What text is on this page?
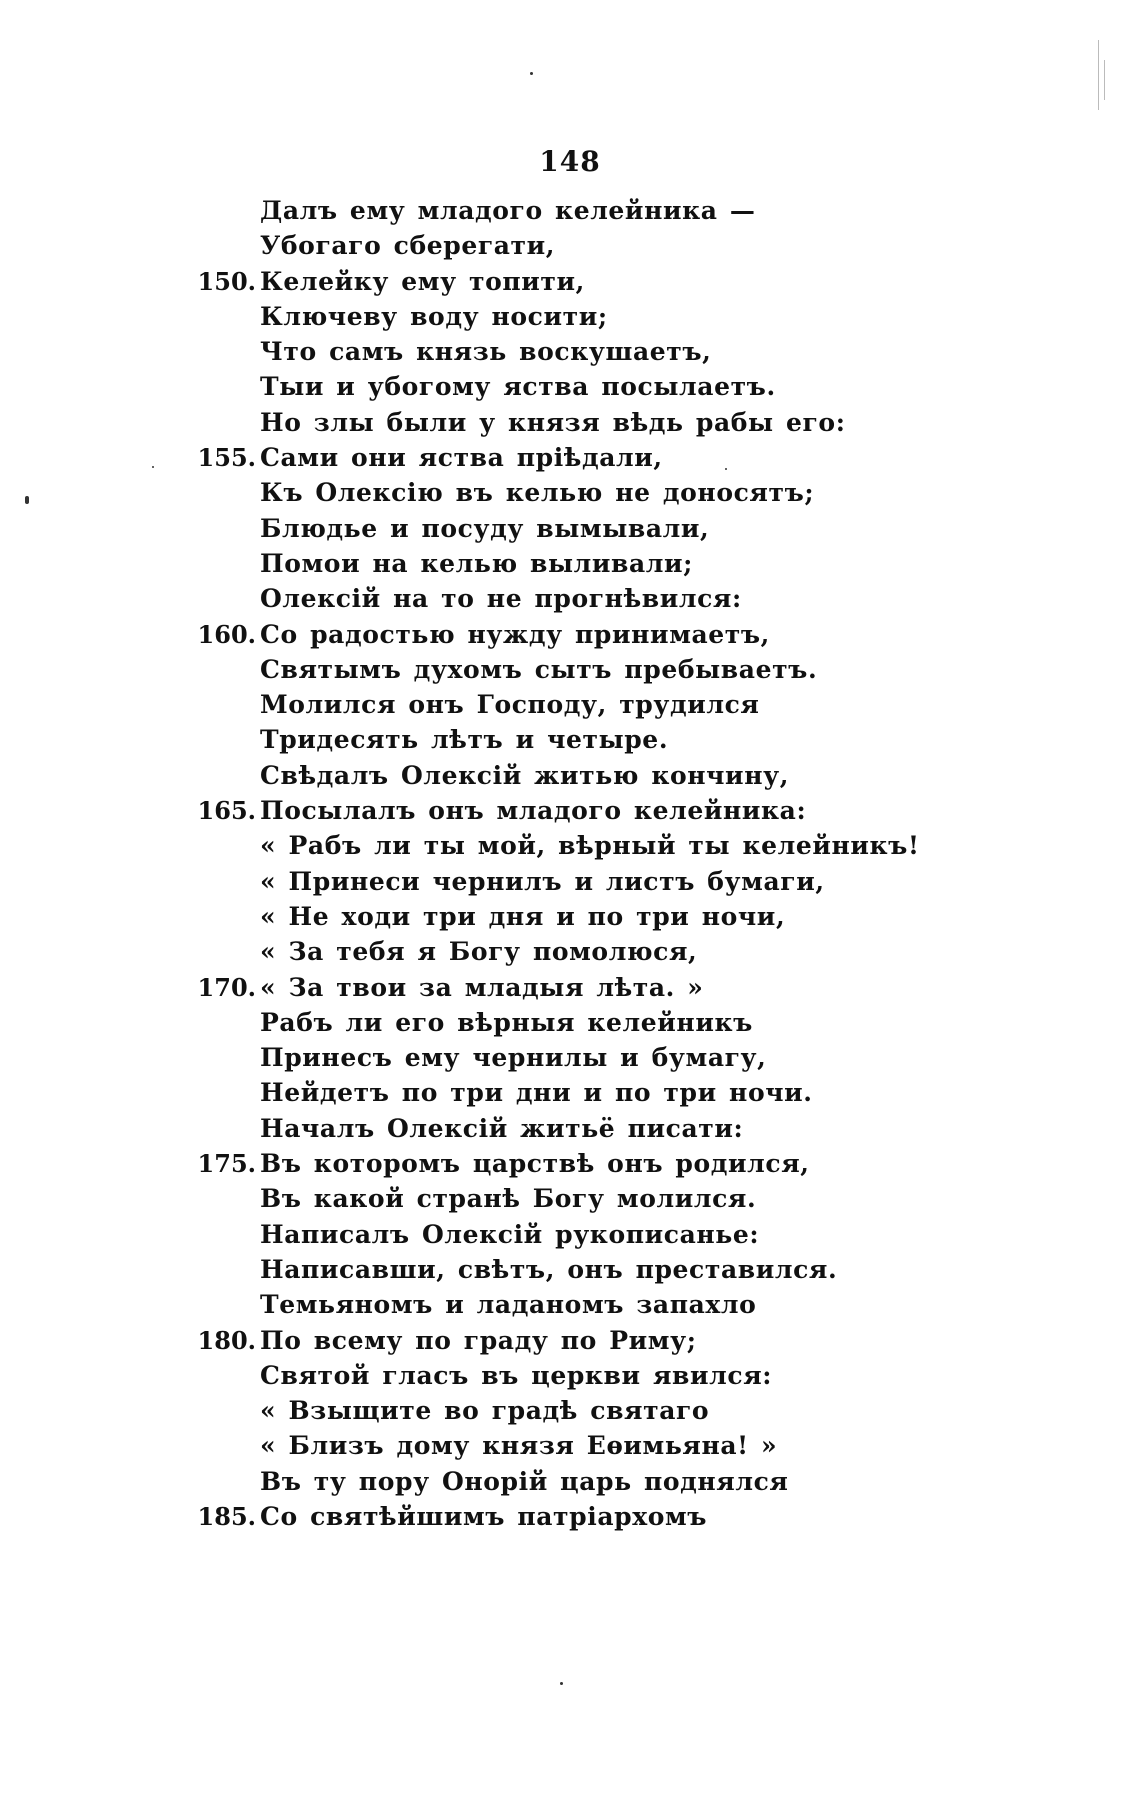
148
Далъ ему младого келейника —
Убогаго сберегати,
150. Келейку ему топити,
Ключеву воду носити;
Что самъ князь воскушаетъ,
Тыи и убогому яства посылаетъ.
Но злы были у князя вѣдь рабы его:
155. Сами они яства прiѣдали,
Къ Олексiю въ келью не доносятъ;
Блюдье и посуду вымывали,
Помои на келью выливали;
Олексiй на то не прогнѣвился:
160. Со радостью нужду принимаетъ,
Святымъ духомъ сытъ пребываетъ.
Молился онъ Господу, трудился
Тридесять лѣтъ и четыре.
Свѣдалъ Олексiй житью кончину,
165. Посылалъ онъ младого келейника:
« Рабъ ли ты мой, вѣрный ты келейникъ!
« Принеси чернилъ и листъ бумаги,
« Не ходи три дня и по три ночи,
« За тебя я Богу помолюся,
170. « За твои за младыя лѣта. »
Рабъ ли его вѣрныя келейникъ
Принесъ ему чернилы и бумагу,
Нейдетъ по три дни и по три ночи.
Началъ Олексiй житьё писати:
175. Въ которомъ царствѣ онъ родился,
Въ какой странѣ Богу молился.
Написалъ Олексiй рукописанье:
Написавши, свѣтъ, онъ преставился.
Темьяномъ и ладаномъ запахло
180. По всему по граду по Риму;
Святой гласъ въ церкви явился:
« Взыщите во градѣ святаго
« Близъ дому князя Еѳимьяна! »
Въ ту пору Онорiй царь поднялся
185. Со святѣйшимъ патрiархомъ
